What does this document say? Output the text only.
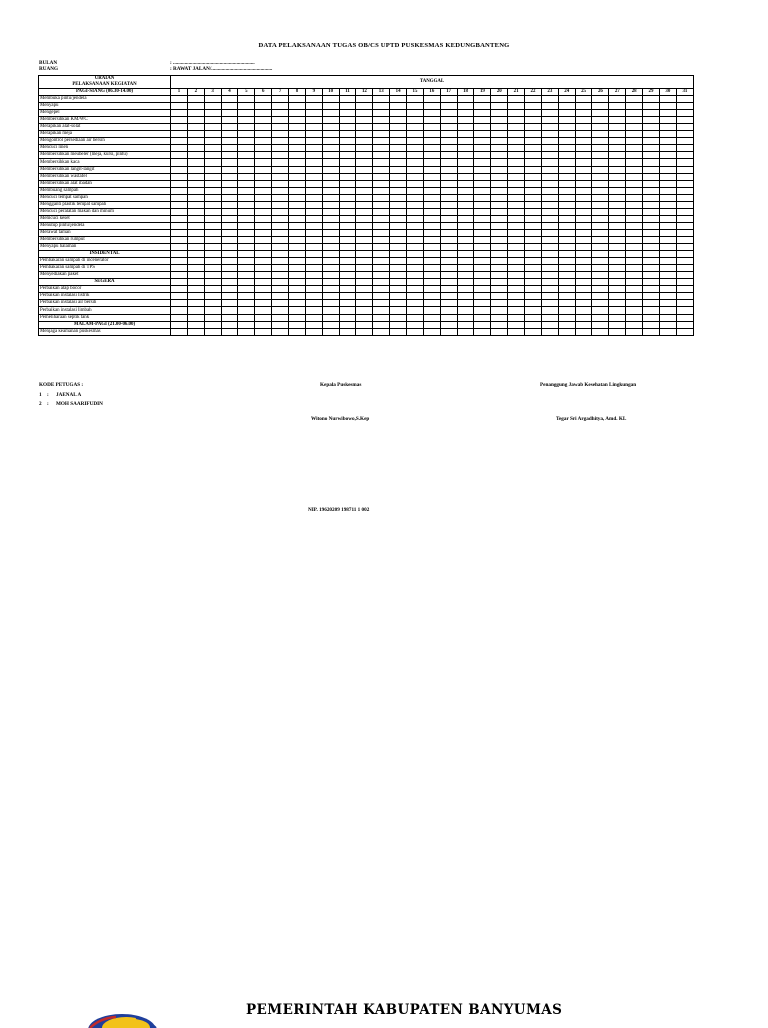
DATA PELAKSANAAN TUGAS OB/CS UPTD PUSKESMAS KEDUNGBANTENG
BULAN	: ...............................................................
RUANG	: RAWAT JALAN/...............................................
URAIAN
PELAKSANAAN KEGIATAN	TANGGAL																														
PAGI-SIANG (06.30-14.00)	1	2	3	4	5	6	7	8	9	10	11	12	13	14	15	16	17	18	19	20	21	22	23	24	25	26	27	28	29	30	31
Membuka pintu/jendela																															
Menyapu																															
Mengepel																															
Membersihkan KM/WC																															
Merapikan alat-solat																															
Merapikan meja																															
Mengontrol persediaan air bersih																															
Mencuci linen																															
Membersihkan meubeler (meja, kursi, pintu)																															
Membersihkan kaca																															
Membersihkan langit-langit																															
Membersihkan wastafel																															
Membersihkan alat ibadah																															
Membuang sampah																															
Mencuci tempat sampah																															
Mengganti plastik tempat sampah																															
Mencuci peralatan makan dan minum																															
Memcuci keset																															
Menutup pintu/jendela																															
Merawat taman																															
Membersihkan rumput																															
Menyapu halaman																															
INSIDENTAL																															
Pembakaran sampah di incenerator																															
Pembakaran sampah di TPS																															
Menyediakan paket																															
SEGERA																															
Perbaikan atap bocor																															
Perbaikan instalasi listrik																															
Perbaikan instalasi air bersih																															
Perbaikan instalasi limbah																															
Pemeliharaan septik tank																															
MALAM-PAGI (21.00-06.00)																															
Menjaga keamanan puskesmas																															
KODE PETUGAS :
1 : JAENAL A
2 : MOH SAARIFUDIN
Kepala Puskesmas	Penanggung Jawab Kesehatan Lingkungan
Witono Nurwibowo,S.Kep	Tegar Sri Argadhitya, Amd. KL
NIP. 19620209 198711 1 002
PEMERINTAH KABUPATEN BANYUMAS
